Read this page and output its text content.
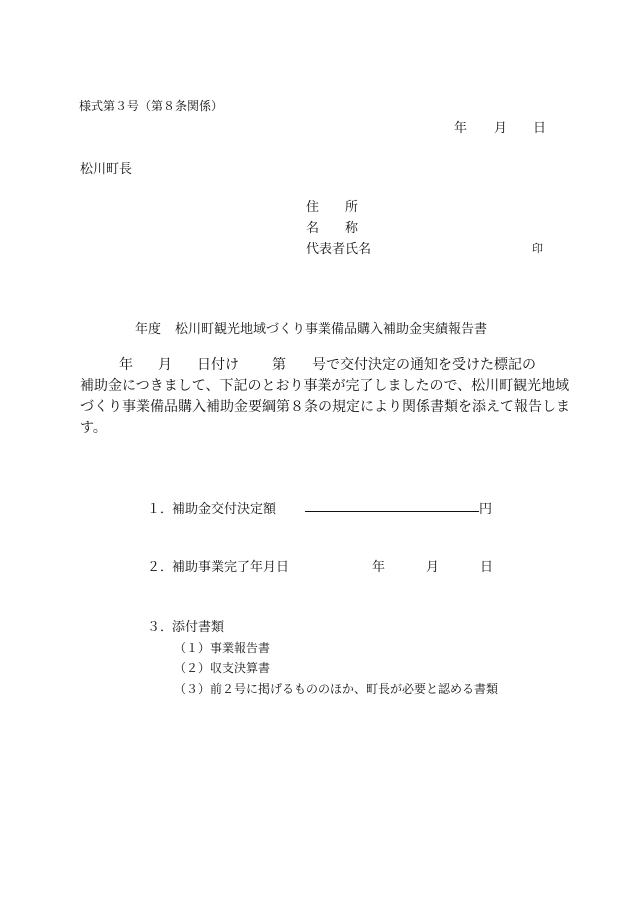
様式第３号（第８条関係）
年 月 日
松川町長
住　　所
名　　称
代表者氏名	印
年度 松川町観光地域づくり事業備品購入補助金実績報告書
年 月 日付け 第 号で交付決定の通知を受けた標記の
補助金につきまして、下記のとおり事業が完了しましたので、松川町観光地域
づくり事業備品購入補助金要綱第８条の規定により関係書類を添えて報告しま
す。
１．
補助金交付決定額	円
２．
補助事業完了年月日	年	月	日
３．
添付書類
（１）事業報告書
（２）収支決算書
（３）前２号に掲げるもののほか、町長が必要と認める書類
